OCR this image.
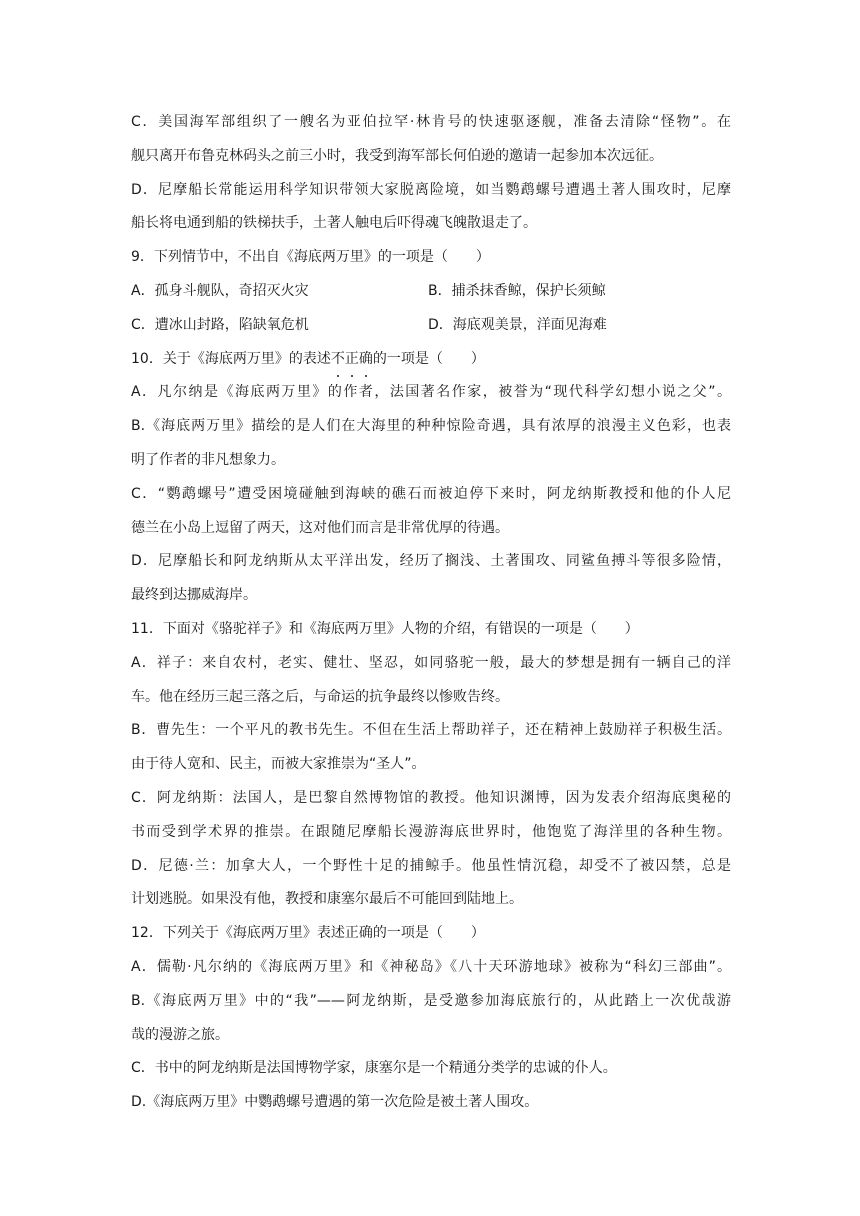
C．美国海军部组织了一艘名为亚伯拉罕·林肯号的快速驱逐舰，准备去清除“怪物”。在
舰只离开布鲁克林码头之前三小时，我受到海军部长何伯逊的邀请一起参加本次远征。
D．尼摩船长常能运用科学知识带领大家脱离险境，如当鹦鹉螺号遭遇土著人围攻时，尼摩
船长将电通到船的铁梯扶手，土著人触电后吓得魂飞魄散退走了。
9．下列情节中，不出自《海底两万里》的一项是（　　）
A．孤身斗舰队，奇招灭火灾	B．捕杀抹香鲸，保护长须鲸
C．遭冰山封路，陷缺氧危机	D．海底观美景，洋面见海难
10．关于《海底两万里》的表述不正确
的一项是（　　）
A．凡尔纳是《海底两万里》的作者，法国著名作家，被誉为“现代科学幻想小说之父”。
B.《海底两万里》描绘的是人们在大海里的种种惊险奇遇，具有浓厚的浪漫主义色彩，也表
明了作者的非凡想象力。
C．“鹦鹉螺号”遭受困境碰触到海峡的礁石而被迫停下来时，阿龙纳斯教授和他的仆人尼
德兰在小岛上逗留了两天，这对他们而言是非常优厚的待遇。
D．尼摩船长和阿龙纳斯从太平洋出发，经历了搁浅、土著围攻、同鲨鱼搏斗等很多险情，
最终到达挪威海岸。
11．下面对《骆驼祥子》和《海底两万里》人物的介绍，有错误的一项是（　　）
A．祥子：来自农村，老实、健壮、坚忍，如同骆驼一般，最大的梦想是拥有一辆自己的洋
车。他在经历三起三落之后，与命运的抗争最终以惨败告终。
B．曹先生：一个平凡的教书先生。不但在生活上帮助祥子，还在精神上鼓励祥子积极生活。
由于待人宽和、民主，而被大家推崇为“圣人”。
C．阿龙纳斯：法国人，是巴黎自然博物馆的教授。他知识渊博，因为发表介绍海底奥秘的
书而受到学术界的推崇。在跟随尼摩船长漫游海底世界时，他饱览了海洋里的各种生物。
D．尼德·兰：加拿大人，一个野性十足的捕鲸手。他虽性情沉稳，却受不了被囚禁，总是
计划逃脱。如果没有他，教授和康塞尔最后不可能回到陆地上。
12．下列关于《海底两万里》表述正确的一项是（　　）
A．儒勒·凡尔纳的《海底两万里》和《神秘岛》《八十天环游地球》被称为“科幻三部曲”。
B.《海底两万里》中的“我”——阿龙纳斯，是受邀参加海底旅行的，从此踏上一次优哉游
哉的漫游之旅。
C．书中的阿龙纳斯是法国博物学家，康塞尔是一个精通分类学的忠诚的仆人。
D.《海底两万里》中鹦鹉螺号遭遇的第一次危险是被土著人围攻。
